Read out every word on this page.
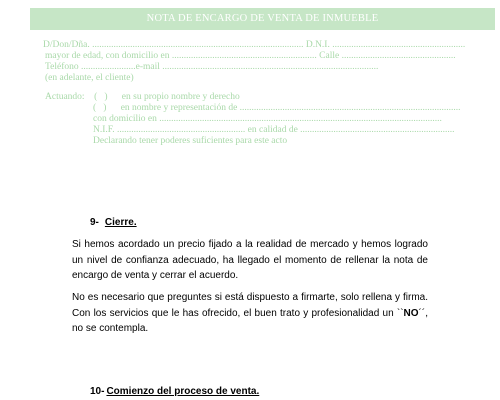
NOTA DE ENCARGO DE VENTA DE INMUEBLE
D/Don/Dña. ......................................................................................... D.N.I. ........................................................
mayor de edad, con domicilio en ............................................................. Calle ................................................
Teléfono .......................e-mail ...........................................................................................
(en adelante, el cliente)
Actuando:    (   )      en su propio nombre y derecho
(   )      en nombre y representación de .............................................................................................
con domicilio en .......................................................................................................................
N.I.F. ...................................................... en calidad de .................................................................
Declarando tener poderes suficientes para este acto
9- Cierre.
Si hemos acordado un precio fijado a la realidad de mercado y hemos logrado un nivel de confianza adecuado, ha llegado el momento de rellenar la nota de encargo de venta y cerrar el acuerdo.
No es necesario que preguntes si está dispuesto a firmarte, solo rellena y firma. Con los servicios que le has ofrecido, el buen trato y profesionalidad un ``NO´´, no se contempla.
10- Comienzo del proceso de venta.
